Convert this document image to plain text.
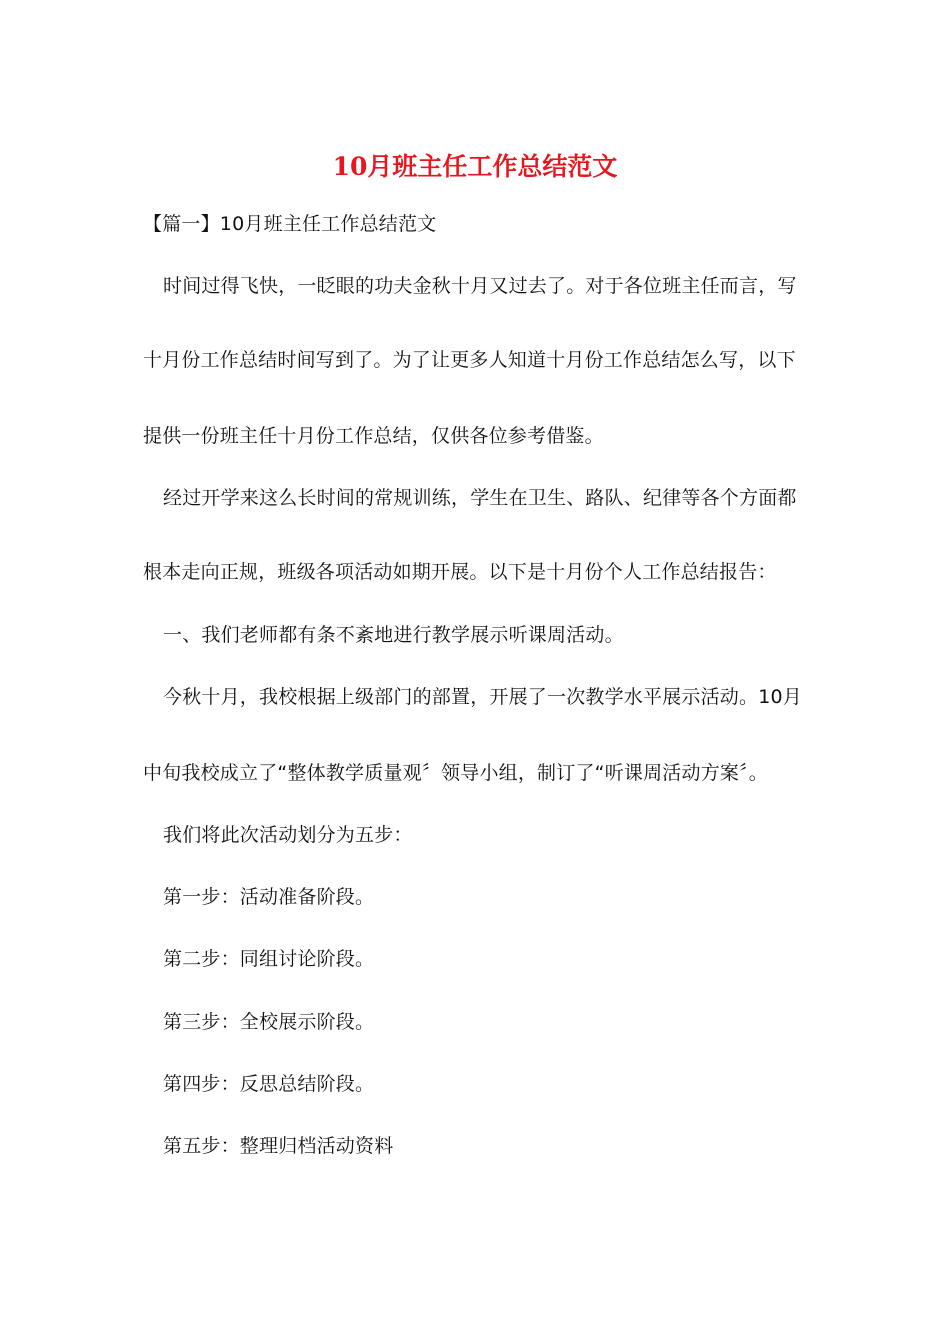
10月班主任工作总结范文
【篇一】10月班主任工作总结范文
时间过得飞快，一眨眼的功夫金秋十月又过去了。对于各位班主任而言，写
十月份工作总结时间写到了。为了让更多人知道十月份工作总结怎么写，以下
提供一份班主任十月份工作总结，仅供各位参考借鉴。
经过开学来这么长时间的常规训练，学生在卫生、路队、纪律等各个方面都
根本走向正规，班级各项活动如期开展。以下是十月份个人工作总结报告：
一、我们老师都有条不紊地进行教学展示听课周活动。
今秋十月，我校根据上级部门的部置，开展了一次教学水平展示活动。10月
中旬我校成立了“整体教学质量观〞领导小组，制订了“听课周活动方案〞。
我们将此次活动划分为五步：
第一步：活动准备阶段。
第二步：同组讨论阶段。
第三步：全校展示阶段。
第四步：反思总结阶段。
第五步：整理归档活动资料
